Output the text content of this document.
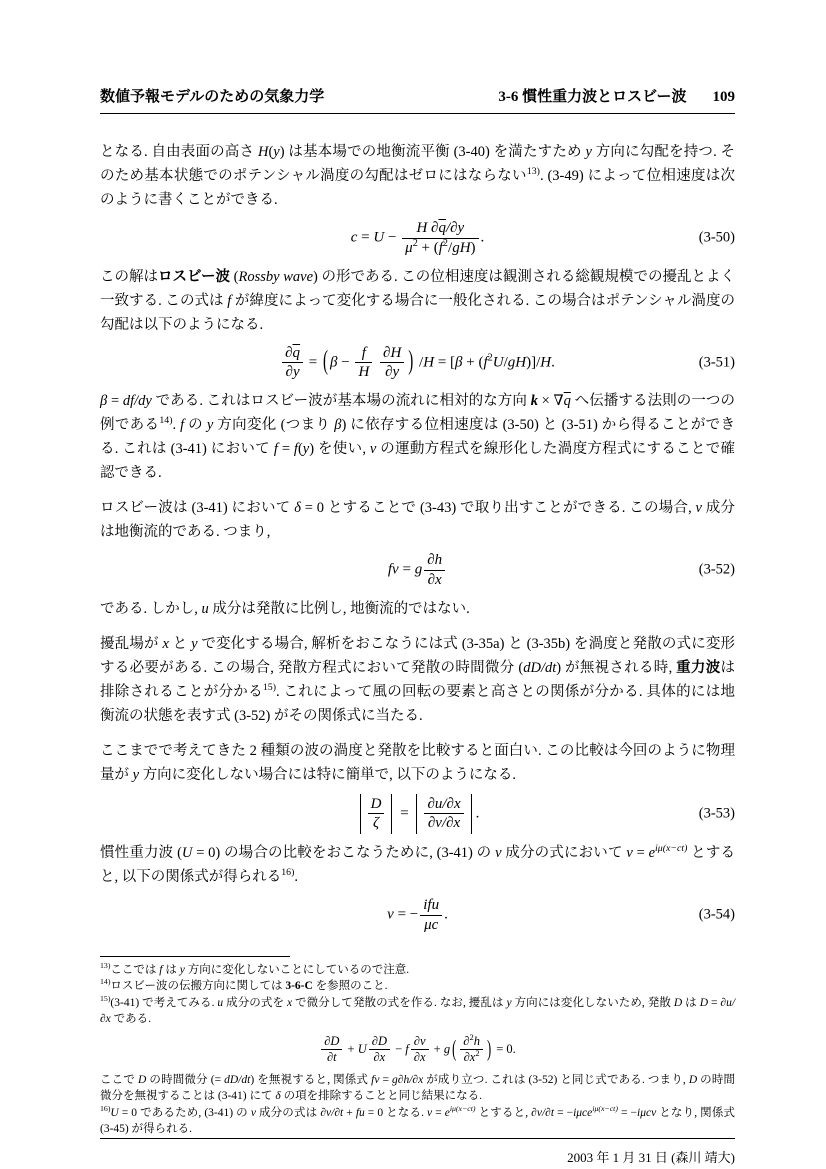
数値予報モデルのための気象力学	3-6 慣性重力波とロスビー波 109
となる. 自由表面の高さ H(y) は基本場での地衡流平衡 (3-40) を満たすため y 方向に勾配を持つ. そのため基本状態でのポテンシャル渦度の勾配はゼロにはならない$^{13)}$. (3-49) によって位相速度は次のように書くことができる.
$c = U - \frac{H \partial\overline{q}/\partial y}{\mu^2 + (f^2/gH)}$ .	(3-50)
この解はロスビー波 (Rossby wave) の形である. この位相速度は観測される総観規模での擾乱とよく一致する. この式は f が緯度によって変化する場合に一般化される. この場合はポテンシャル渦度の勾配は以下のようになる.
$\frac{\partial\overline{q}}{\partial y}$ = ( $\beta - \frac{f}{H}$
$\frac{\partial H}{\partial y}$ ) $/H = [\beta + (f^2U/gH)]/H$.	(3-51)
β = df/dy である. これはロスビー波が基本場の流れに相対的な方向 $k \times \nabla\overline{q}$ へ伝播する法則の一つの例である$^{14)}$. f の y 方向変化 (つまり β) に依存する位相速度は (3-50) と (3-51) から得ることができる. これは (3-41) において f = f(y) を使い, v の運動方程式を線形化した渦度方程式にすることで確認できる.
ロスビー波は (3-41) において δ = 0 とすることで (3-43) で取り出すことができる. この場合, v 成分は地衡流的である. つまり,
fv = g $\frac{\partial h}{\partial x}$	(3-52)
である. しかし, u 成分は発散に比例し, 地衡流的ではない.
擾乱場が x と y で変化する場合, 解析をおこなうには式 (3-35a) と (3-35b) を渦度と発散の式に変形する必要がある. この場合, 発散方程式において発散の時間微分 (dD/dt) が無視される時, 重力波は排除されることが分かる$^{15)}$. これによって風の回転の要素と高さとの関係が分かる. 具体的には地衡流の状態を表す式 (3-52) がその関係式に当たる.
ここまでで考えてきた 2 種類の波の渦度と発散を比較すると面白い. この比較は今回のように物理量が y 方向に変化しない場合には特に簡単で, 以下のようになる.
$\frac{D}{\zeta} = \frac{\partial u/\partial x}{\partial v/\partial x}$ .	(3-53)
慣性重力波 (U = 0) の場合の比較をおこなうために, (3-41) の v 成分の式において $v = e^{i\mu(x-ct)}$ とすると, 以下の関係式が得られる$^{16)}$.
v = − $\frac{\text{ifu}}{\mu c}$ .	(3-54)
$^{13)}$ここでは f は y 方向に変化しないことにしているので注意.
$^{14)}$ロスビー波の伝搬方向に関しては 3-6-C を参照のこと.
$^{15)}$(3-41) で考えてみる. u 成分の式を x で微分して発散の式を作る. なお, 擾乱は y 方向には変化しないため, 発散 D は D = ∂u/∂x である.
$\frac{\partial D}{\partial t} + U \frac{\partial D}{\partial x} - f \frac{\partial v}{\partial x} + g$ ( $\frac{\partial^2h}{\partial x^2}$ ) = 0.
ここで D の時間微分 (= dD/dt) を無視すると, 関係式 fv = g∂h/∂x が成り立つ. これは (3-52) と同じ式である. つまり, D の時間微分を無視することは (3-41) にて δ の項を排除することと同じ結果になる.
$^{16)}$U = 0 であるため, (3-41) の v 成分の式は ∂v/∂t + fu = 0 となる. $v = e^{i\mu(x-ct)}$ とすると, ∂v/∂t = −iμce$^{i\mu(x-ct)}$ = −iμcv となり, 関係式 (3-45) が得られる.
2003 年 1 月 31 日 (森川 靖大)
